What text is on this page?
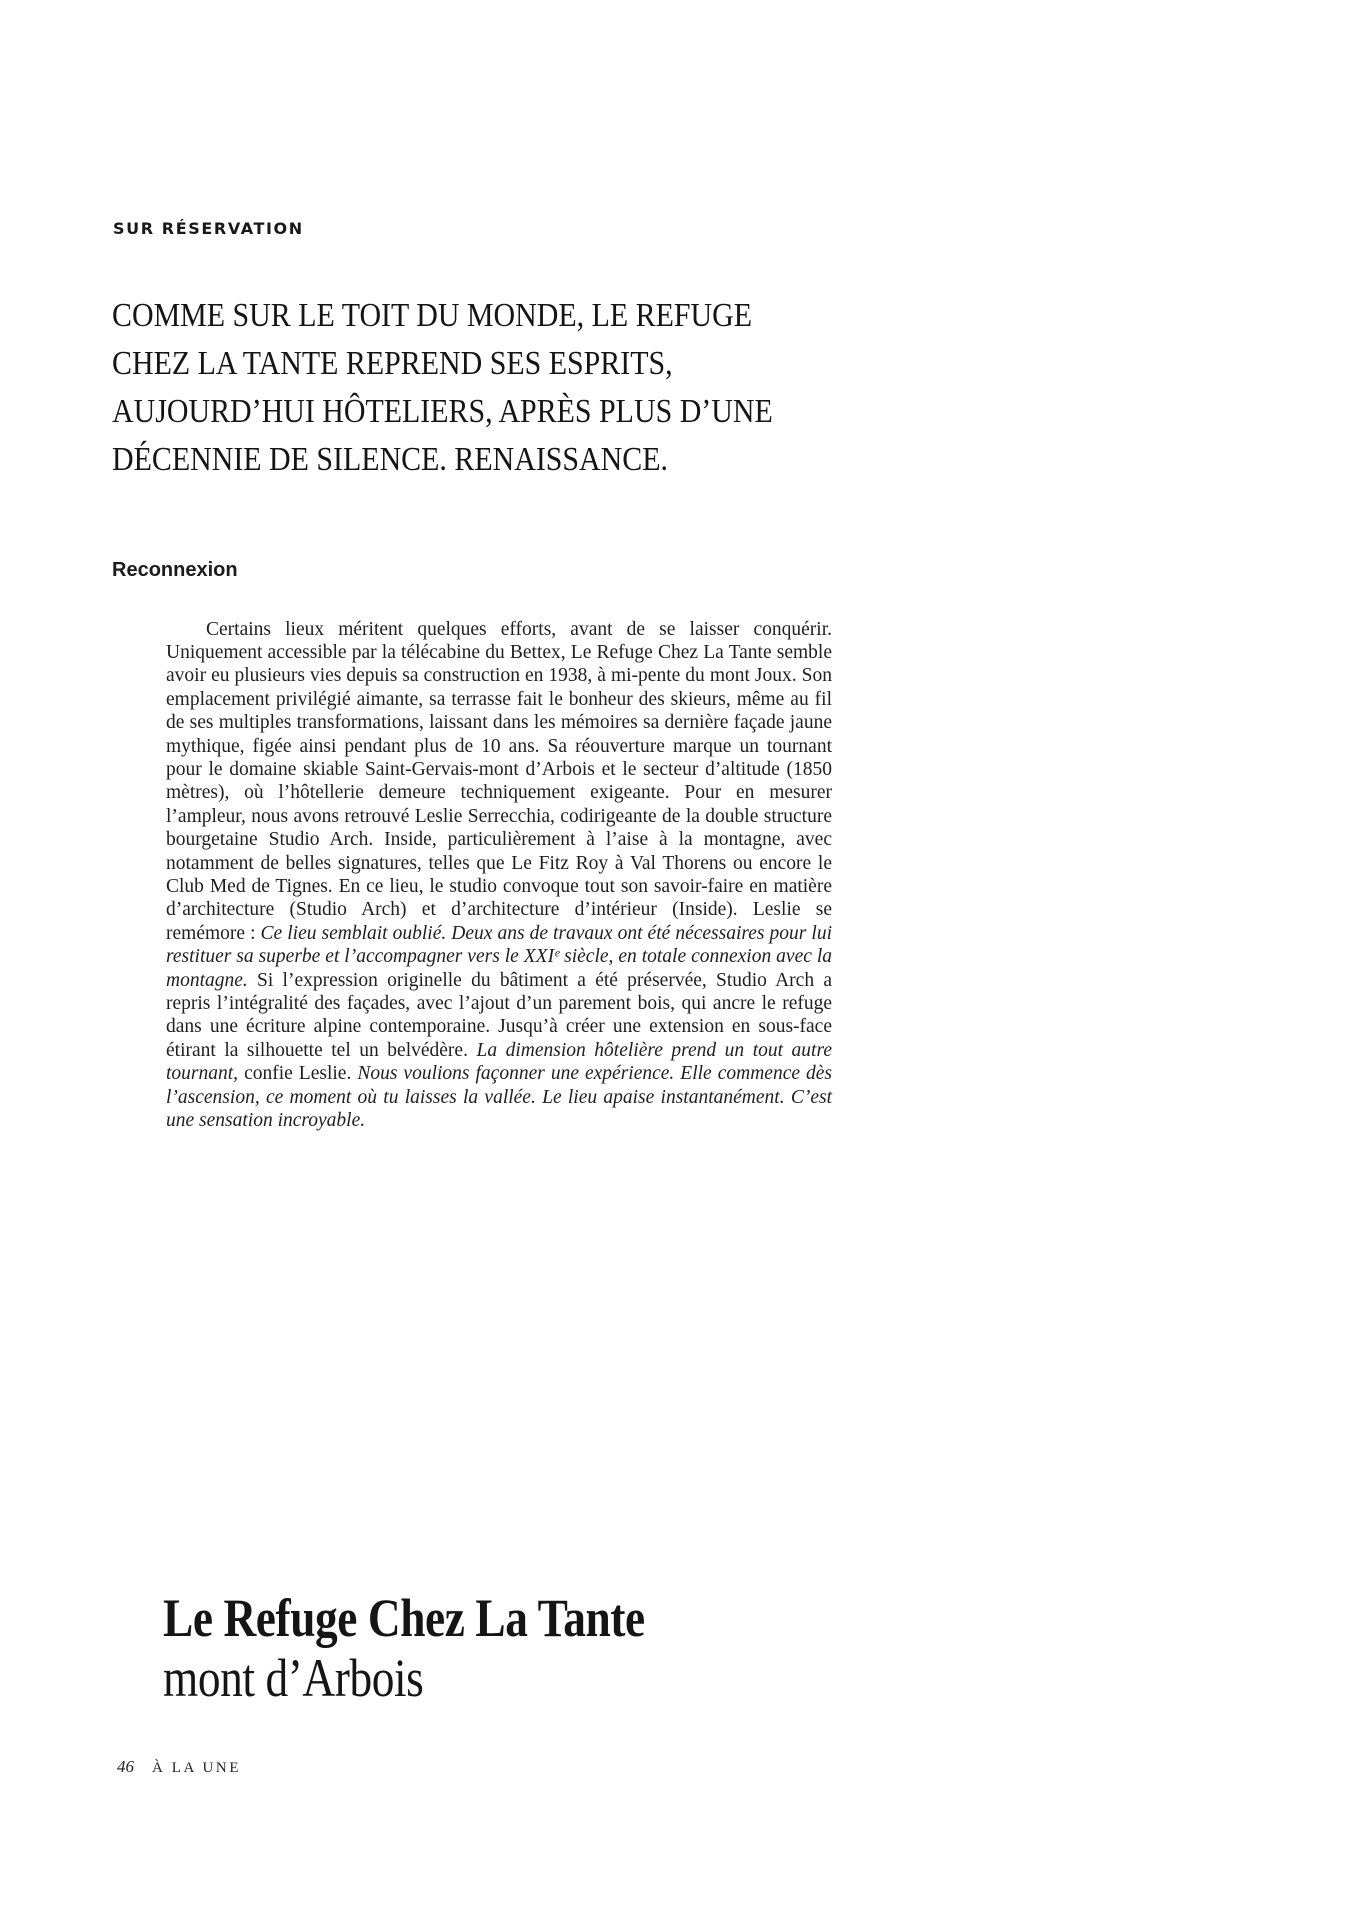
SUR RÉSERVATION
COMME SUR LE TOIT DU MONDE, LE REFUGE
CHEZ LA TANTE REPREND SES ESPRITS,
AUJOURD’HUI HÔTELIERS, APRÈS PLUS D’UNE
DÉCENNIE DE SILENCE. RENAISSANCE.
Reconnexion

Certains lieux méritent quelques efforts, avant de se laisser conquérir. Uniquement accessible par la télécabine du Bettex, Le Refuge Chez La Tante semble avoir eu plusieurs vies depuis sa construction en 1938, à mi-pente du mont Joux. Son emplacement privilégié aimante, sa terrasse fait le bonheur des skieurs, même au fil de ses multiples transformations, laissant dans les mémoires sa dernière façade jaune mythique, figée ainsi pendant plus de 10 ans. Sa réouverture marque un tournant pour le domaine skiable Saint-Gervais-mont d’Arbois et le secteur d’altitude (1850 mètres), où l’hôtellerie demeure techniquement exigeante. Pour en mesurer l’ampleur, nous avons retrouvé Leslie Serrecchia, codirigeante de la double structure bourgetaine Studio Arch. Inside, particulièrement à l’aise à la montagne, avec notamment de belles signatures, telles que Le Fitz Roy à Val Thorens ou encore le Club Med de Tignes. En ce lieu, le studio convoque tout son savoir-faire en matière d’architecture (Studio Arch) et d’architecture d’intérieur (Inside). Leslie se remémore : Ce lieu semblait oublié. Deux ans de travaux ont été nécessaires pour lui restituer sa superbe et l’accompagner vers le XXIᵉ siècle, en totale connexion avec la montagne. Si l’expression originelle du bâtiment a été préservée, Studio Arch a repris l’intégralité des façades, avec l’ajout d’un parement bois, qui ancre le refuge dans une écriture alpine contemporaine. Jusqu’à créer une extension en sous-face étirant la silhouette tel un belvédère. La dimension hôtelière prend un tout autre tournant, confie Leslie. Nous voulions façonner une expérience. Elle commence dès l’ascension, ce moment où tu laisses la vallée. Le lieu apaise instantanément. C’est une sensation incroyable.

Le Refuge Chez La Tante
mont d’Arbois
46 À LA UNE
